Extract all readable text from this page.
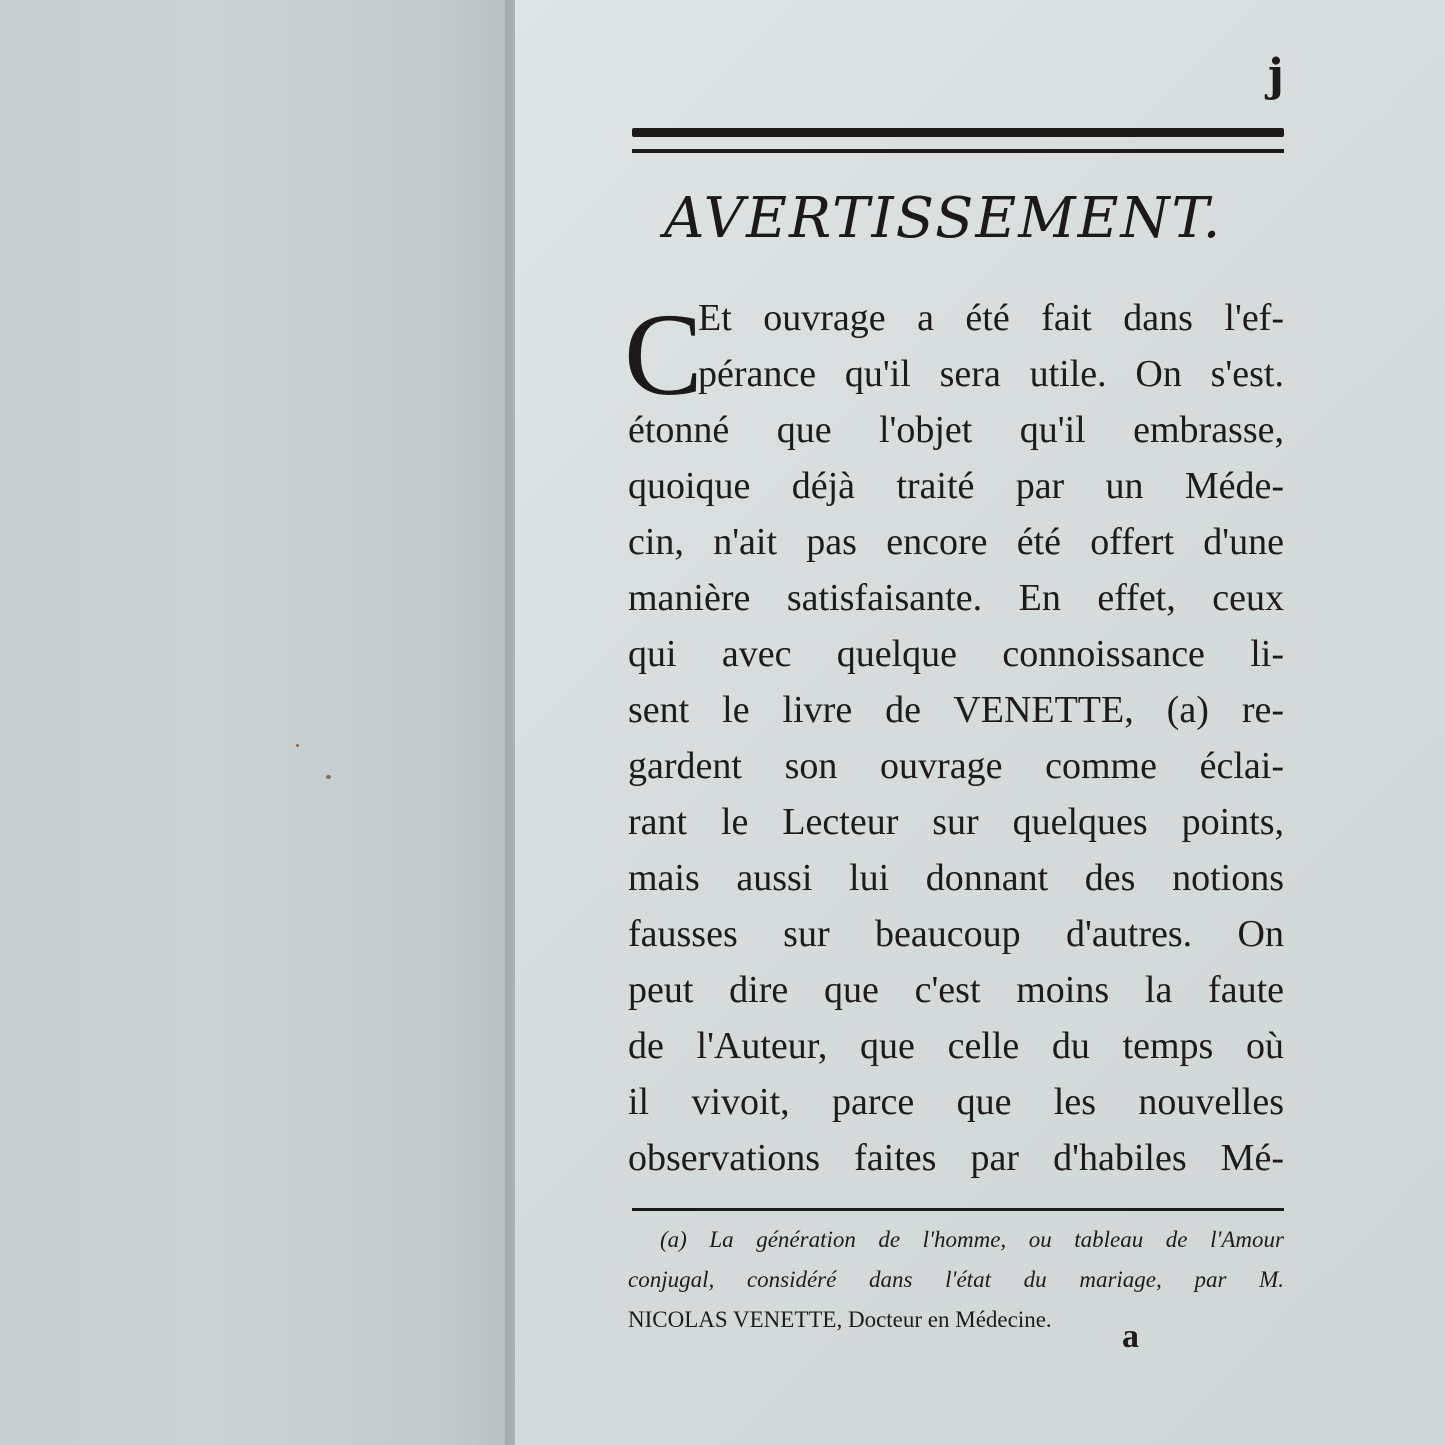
j
AVERTISSEMENT.
C
Et ouvrage a été fait dans l'ef-
pérance qu'il sera utile. On s'est.
étonné que l'objet qu'il embrasse,
quoique déjà traité par un Méde-
cin, n'ait pas encore été offert d'une
manière satisfaisante. En effet, ceux
qui avec quelque connoissance li-
sent le livre de VENETTE, (a) re-
gardent son ouvrage comme éclai-
rant le Lecteur sur quelques points,
mais aussi lui donnant des notions
fausses sur beaucoup d'autres. On
peut dire que c'est moins la faute
de l'Auteur, que celle du temps où
il vivoit, parce que les nouvelles
observations faites par d'habiles Mé-
(a) La génération de l'homme, ou tableau de l'Amour
conjugal, considéré dans l'état du mariage, par M.
NICOLAS VENETTE, Docteur en Médecine.	a
